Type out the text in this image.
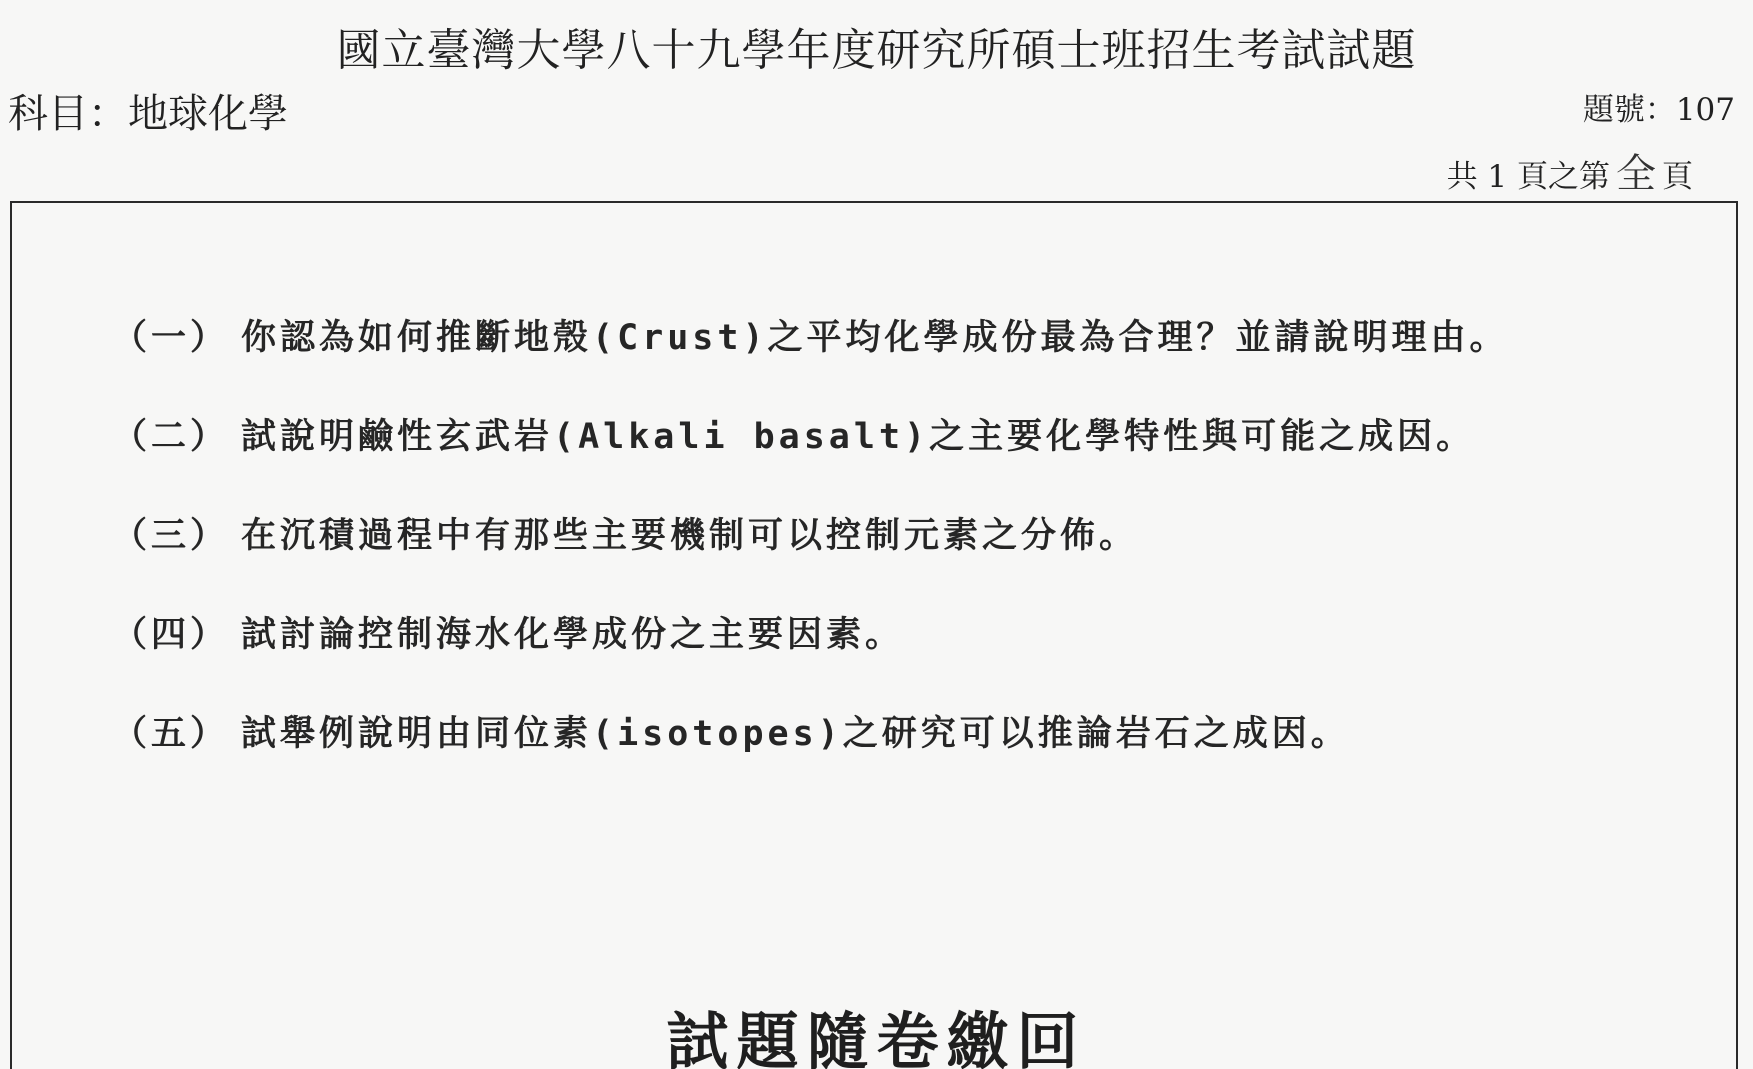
國立臺灣大學八十九學年度研究所碩士班招生考試試題
科目：地球化學	題號：107
共 1 頁之第 全 頁
（一） 你認為如何推斷地殼(Crust)之平均化學成份最為合理？並請說明理由。
（二） 試說明鹼性玄武岩(Alkali basalt)之主要化學特性與可能之成因。
（三） 在沉積過程中有那些主要機制可以控制元素之分佈。
（四） 試討論控制海水化學成份之主要因素。
（五） 試舉例說明由同位素(isotopes)之研究可以推論岩石之成因。
試題隨卷繳回
